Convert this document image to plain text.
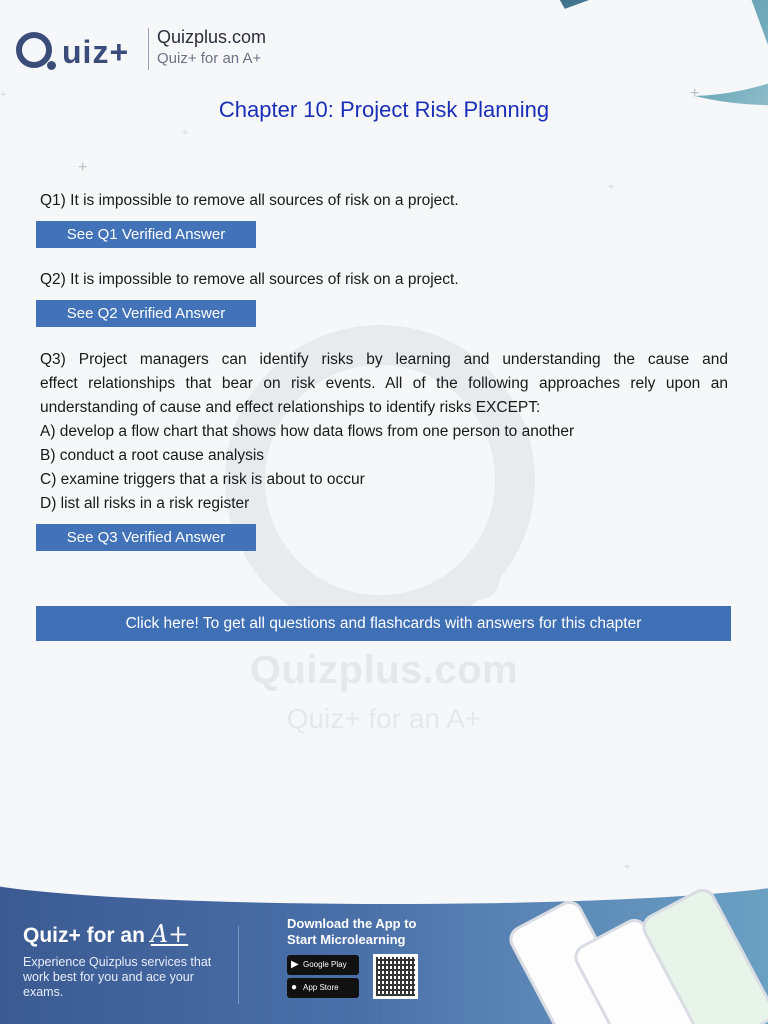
+
+
+
+
+
+
Quizplus.com
Quiz+ for an A+
uiz+ Quizplus.com
Quiz+ for an A+
Chapter 10: Project Risk Planning
Q1) It is impossible to remove all sources of risk on a project.
See Q1 Verified Answer
Q2) It is impossible to remove all sources of risk on a project.
See Q2 Verified Answer
Q3) Project managers can identify risks by learning and understanding the cause and
effect relationships that bear on risk events. All of the following approaches rely upon an
understanding of cause and effect relationships to identify risks EXCEPT:
A) develop a flow chart that shows how data flows from one person to another
B) conduct a root cause analysis
C) examine triggers that a risk is about to occur
D) list all risks in a risk register
See Q3 Verified Answer
Click here! To get all questions and flashcards with answers for this chapter
Quiz+ for an A+
Experience Quizplus services that work best for you and ace your exams.
Download the App to Start Microlearning
▶ Google Play
● App Store
